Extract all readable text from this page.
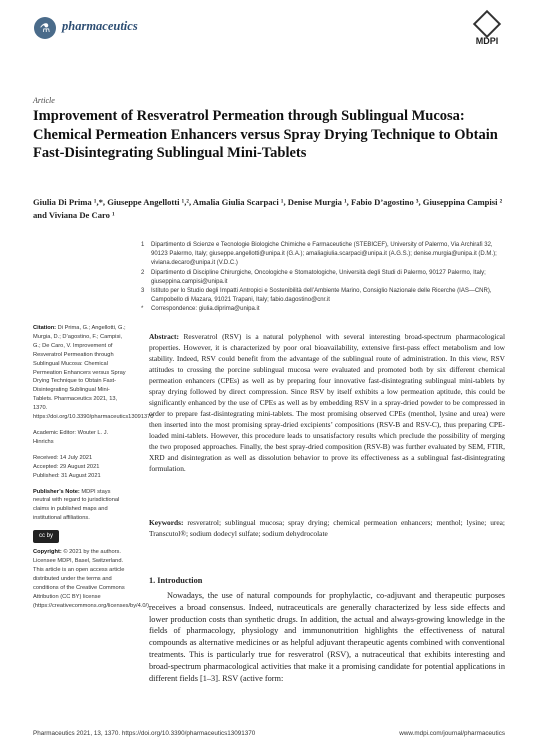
⚗ pharmaceutics
MDPI
Article
Improvement of Resveratrol Permeation through Sublingual Mucosa: Chemical Permeation Enhancers versus Spray Drying Technique to Obtain Fast-Disintegrating Sublingual Mini-Tablets
Giulia Di Prima ¹,*, Giuseppe Angellotti ¹,², Amalia Giulia Scarpaci ¹, Denise Murgia ¹, Fabio D’agostino ³, Giuseppina Campisi ² and Viviana De Caro ¹
1 Dipartimento di Scienze e Tecnologie Biologiche Chimiche e Farmaceutiche (STEBICEF), University of Palermo, Via Archirafi 32, 90123 Palermo, Italy; giuseppe.angellotti@unipa.it (G.A.); amaliagiulia.scarpaci@unipa.it (A.G.S.); denise.murgia@unipa.it (D.M.); viviana.decaro@unipa.it (V.D.C.)
2 Dipartimento di Discipline Chirurgiche, Oncologiche e Stomatologiche, Università degli Studi di Palermo, 90127 Palermo, Italy; giuseppina.campisi@unipa.it
3 Istituto per lo Studio degli Impatti Antropici e Sostenibilità dell’Ambiente Marino, Consiglio Nazionale delle Ricerche (IAS—CNR), Campobello di Mazara, 91021 Trapani, Italy; fabio.dagostino@cnr.it
* Correspondence: giulia.diprima@unipa.it
Citation: Di Prima, G.; Angellotti, G.; Murgia, D.; D’agostino, F.; Campisi, G.; De Caro, V. Improvement of Resveratrol Permeation through Sublingual Mucosa: Chemical Permeation Enhancers versus Spray Drying Technique to Obtain Fast-Disintegrating Sublingual Mini-Tablets. Pharmaceutics 2021, 13, 1370. https://doi.org/10.3390/pharmaceutics13091370
Academic Editor: Wouter L. J. Hinrichs
Received: 14 July 2021
Accepted: 29 August 2021
Published: 31 August 2021
Publisher’s Note: MDPI stays neutral with regard to jurisdictional claims in published maps and institutional affiliations.
cc by
Copyright: © 2021 by the authors. Licensee MDPI, Basel, Switzerland. This article is an open access article distributed under the terms and conditions of the Creative Commons Attribution (CC BY) license (https://creativecommons.org/licenses/by/4.0/).
Abstract: Resveratrol (RSV) is a natural polyphenol with several interesting broad-spectrum pharmacological properties. However, it is characterized by poor oral bioavailability, extensive first-pass effect metabolism and low stability. Indeed, RSV could benefit from the advantage of the sublingual route of administration. In this view, RSV attitudes to crossing the porcine sublingual mucosa were evaluated and promoted both by six different chemical permeation enhancers (CPEs) as well as by preparing four innovative fast-disintegrating sublingual mini-tablets by spray drying followed by direct compression. Since RSV by itself exhibits a low permeation aptitude, this could be significantly enhanced by the use of CPEs as well as by embedding RSV in a spray-dried powder to be compressed in order to prepare fast-disintegrating mini-tablets. The most promising observed CPEs (menthol, lysine and urea) were then inserted into the most promising spray-dried excipients’ compositions (RSV-B and RSV-C), thus preparing CPE-loaded mini-tablets. However, this procedure leads to unsatisfactory results which preclude the possibility of merging the two proposed approaches. Finally, the best spray-dried composition (RSV-B) was further evaluated by SEM, FTIR, XRD and disintegration as well as dissolution behavior to prove its effectiveness as a sublingual fast-disintegrating formulation.
Keywords: resveratrol; sublingual mucosa; spray drying; chemical permeation enhancers; menthol; lysine; urea; Transcutol®; sodium dodecyl sulfate; sodium dehydrocolate
1. Introduction
Nowadays, the use of natural compounds for prophylactic, co-adjuvant and therapeutic purposes receives a broad consensus. Indeed, nutraceuticals are generally characterized by less side effects and lower production costs than synthetic drugs. In addition, the actual and always-growing knowledge in the fields of pharmacology, physiology and immunonutrition highlights the effectiveness of natural compounds as alternative medicines or as helpful adjuvant therapeutic agents combined with conventional treatments. This is particularly true for resveratrol (RSV), a nutraceutical that exhibits interesting and broad-spectrum pharmacological activities that make it a promising candidate for potential applications in different fields [1–3]. RSV (active form:
Pharmaceutics 2021, 13, 1370. https://doi.org/10.3390/pharmaceutics13091370	www.mdpi.com/journal/pharmaceutics
